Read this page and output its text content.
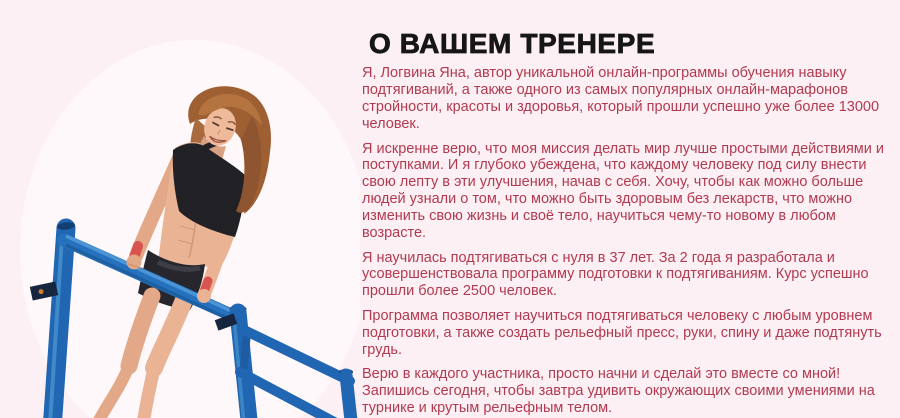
О ВАШЕМ ТРЕНЕРЕ

Я, Логвина Яна, автор уникальной онлайн-программы обучения навыку подтягиваний, а также одного из самых популярных онлайн-марафонов стройности, красоты и здоровья, который прошли успешно уже более 13000 человек.

Я искренне верю, что моя миссия делать мир лучше простыми действиями и поступками. И я глубоко убеждена, что каждому человеку под силу внести свою лепту в эти улучшения, начав с себя. Хочу, чтобы как можно больше людей узнали о том, что можно быть здоровым без лекарств, что можно изменить свою жизнь и своё тело, научиться чему-то новому в любом возрасте.

Я научилась подтягиваться с нуля в 37 лет. За 2 года я разработала и усовершенствовала программу подготовки к подтягиваниям. Курс успешно прошли более 2500 человек.

Программа позволяет научиться подтягиваться человеку с любым уровнем подготовки, а также создать рельефный пресс, руки, спину и даже подтянуть грудь.

Верю в каждого участника, просто начни и сделай это вместе со мной! Запишись сегодня, чтобы завтра удивить окружающих своими умениями на турнике и крутым рельефным телом.
